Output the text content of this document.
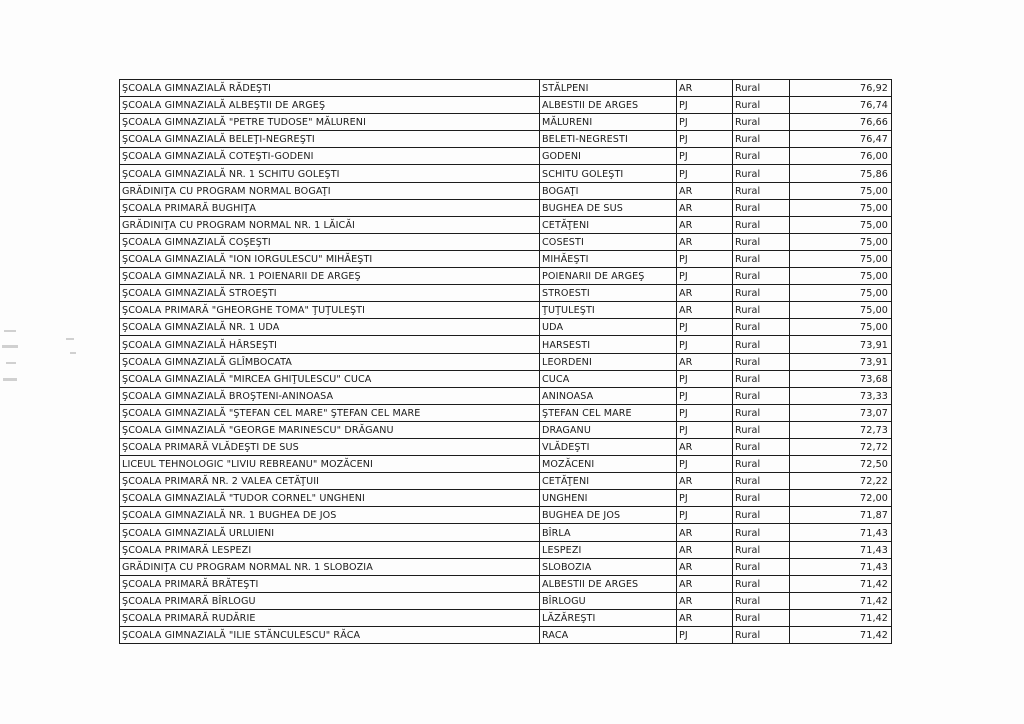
ŞCOALA GIMNAZIALĂ RĂDEŞTI	STĂLPENI	AR	Rural	76,92
ŞCOALA GIMNAZIALĂ ALBEŞTII DE ARGEŞ	ALBESTII DE ARGES	PJ	Rural	76,74
ŞCOALA GIMNAZIALĂ "PETRE TUDOSE" MĂLURENI	MĂLURENI	PJ	Rural	76,66
ŞCOALA GIMNAZIALĂ BELEŢI-NEGREŞTI	BELETI-NEGRESTI	PJ	Rural	76,47
ŞCOALA GIMNAZIALĂ COTEŞTI-GODENI	GODENI	PJ	Rural	76,00
ŞCOALA GIMNAZIALĂ NR. 1 SCHITU GOLEŞTI	SCHITU GOLEŞTI	PJ	Rural	75,86
GRĂDINIŢA CU PROGRAM NORMAL BOGAŢI	BOGAŢI	AR	Rural	75,00
ŞCOALA PRIMARĂ BUGHIŢA	BUGHEA DE SUS	AR	Rural	75,00
GRĂDINIŢA CU PROGRAM NORMAL NR. 1 LĂICĂI	CETĂŢENI	AR	Rural	75,00
ŞCOALA GIMNAZIALĂ COŞEŞTI	COSESTI	AR	Rural	75,00
ŞCOALA GIMNAZIALĂ "ION IORGULESCU" MIHĂEŞTI	MIHĂEŞTI	PJ	Rural	75,00
ŞCOALA GIMNAZIALĂ NR. 1 POIENARII DE ARGEŞ	POIENARII DE ARGEŞ	PJ	Rural	75,00
ŞCOALA GIMNAZIALĂ STROEŞTI	STROESTI	AR	Rural	75,00
ŞCOALA PRIMARĂ "GHEORGHE TOMA" ŢUŢULEŞTI	ŢUŢULEŞTI	AR	Rural	75,00
ŞCOALA GIMNAZIALĂ NR. 1 UDA	UDA	PJ	Rural	75,00
ŞCOALA GIMNAZIALĂ HÂRSEŞTI	HARSESTI	PJ	Rural	73,91
ŞCOALA GIMNAZIALĂ GLÎMBOCATA	LEORDENI	AR	Rural	73,91
ŞCOALA GIMNAZIALĂ "MIRCEA GHIŢULESCU" CUCA	CUCA	PJ	Rural	73,68
ŞCOALA GIMNAZIALĂ BROŞTENI-ANINOASA	ANINOASA	PJ	Rural	73,33
ŞCOALA GIMNAZIALĂ "ŞTEFAN CEL MARE" ŞTEFAN CEL MARE	ŞTEFAN CEL MARE	PJ	Rural	73,07
ŞCOALA GIMNAZIALĂ "GEORGE MARINESCU" DRĂGANU	DRAGANU	PJ	Rural	72,73
ŞCOALA PRIMARĂ VLĂDEŞTI DE SUS	VLĂDEŞTI	AR	Rural	72,72
LICEUL TEHNOLOGIC "LIVIU REBREANU" MOZĂCENI	MOZĂCENI	PJ	Rural	72,50
ŞCOALA PRIMARĂ NR. 2 VALEA CETĂŢUII	CETĂŢENI	AR	Rural	72,22
ŞCOALA GIMNAZIALĂ "TUDOR CORNEL" UNGHENI	UNGHENI	PJ	Rural	72,00
ŞCOALA GIMNAZIALĂ NR. 1 BUGHEA DE JOS	BUGHEA DE JOS	PJ	Rural	71,87
ŞCOALA GIMNAZIALĂ URLUIENI	BÎRLA	AR	Rural	71,43
ŞCOALA PRIMARĂ LESPEZI	LESPEZI	AR	Rural	71,43
GRĂDINIŢA CU PROGRAM NORMAL NR. 1 SLOBOZIA	SLOBOZIA	AR	Rural	71,43
ŞCOALA PRIMARĂ BRĂTEŞTI	ALBESTII DE ARGES	AR	Rural	71,42
ŞCOALA PRIMARĂ BÎRLOGU	BÎRLOGU	AR	Rural	71,42
ŞCOALA PRIMARĂ RUDĂRIE	LĂZĂREŞTI	AR	Rural	71,42
ŞCOALA GIMNAZIALĂ "ILIE STĂNCULESCU" RĂCA	RACA	PJ	Rural	71,42
